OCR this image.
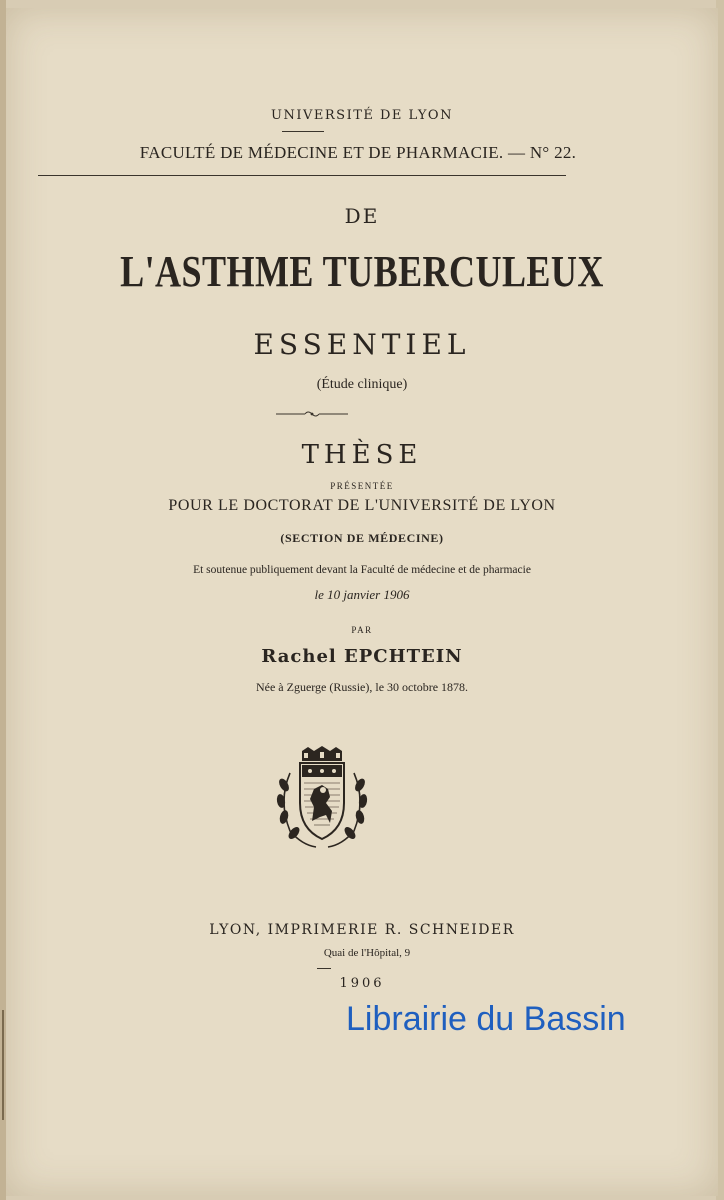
UNIVERSITÉ DE LYON
FACULTÉ DE MÉDECINE ET DE PHARMACIE. — N° 22.
DE
L'ASTHME TUBERCULEUX
ESSENTIEL
(Étude clinique)
THÈSE
PRÉSENTÉE
POUR LE DOCTORAT DE L'UNIVERSITÉ DE LYON
(SECTION DE MÉDECINE)
Et soutenue publiquement devant la Faculté de médecine et de pharmacie
le 10 janvier 1906
PAR
Rachel EPCHTEIN
Née à Zguerge (Russie), le 30 octobre 1878.
LYON, IMPRIMERIE R. SCHNEIDER
Quai de l'Hôpital, 9
1906
Librairie du Bassin
